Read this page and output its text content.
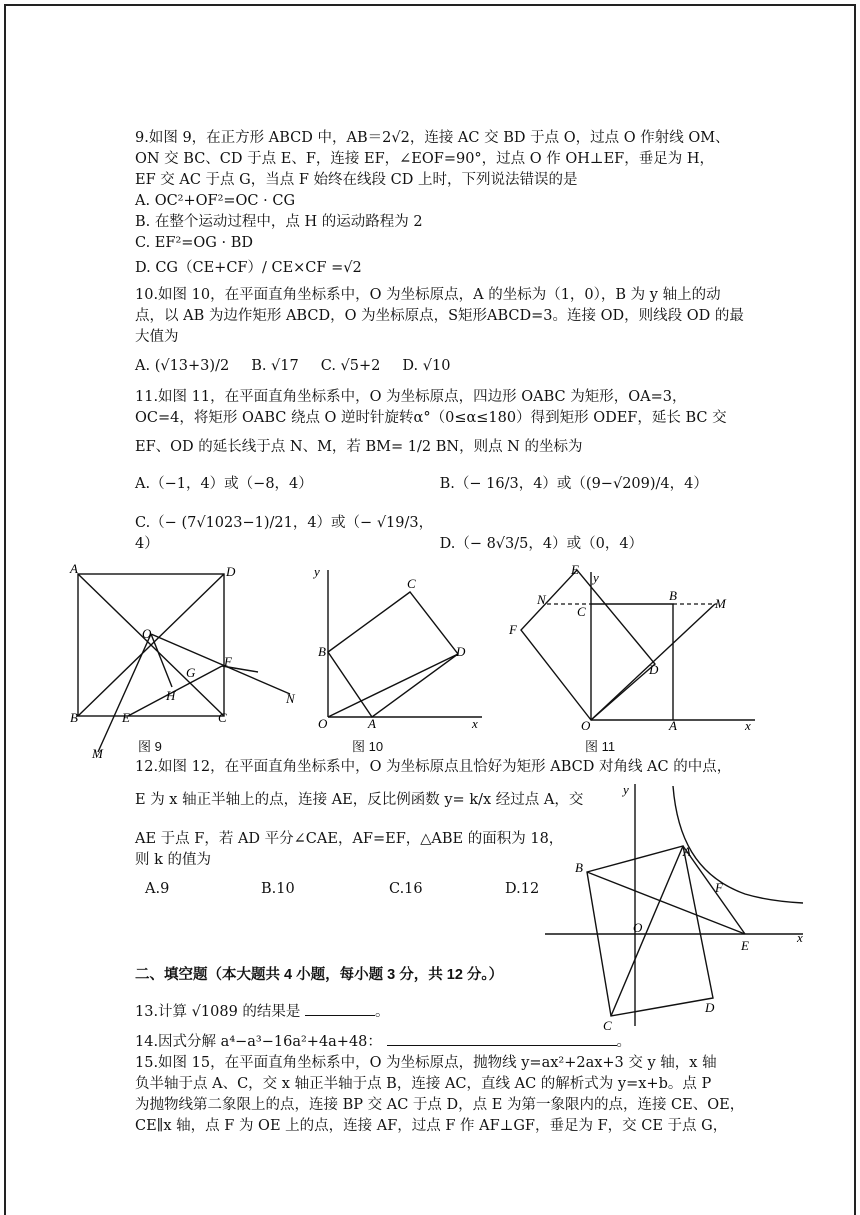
9.如图 9，在正方形 ABCD 中，AB＝2√2，连接 AC 交 BD 于点 O，过点 O 作射线 OM、

ON 交 BC、CD 于点 E、F，连接 EF，∠EOF=90°，过点 O 作 OH⊥EF，垂足为 H，

EF 交 AC 于点 G，当点 F 始终在线段 CD 上时，下列说法错误的是

A. OC²+OF²=OC · CG

B. 在整个运动过程中，点 H 的运动路程为 2

C. EF²=OG · BD

D. CG（CE+CF）/ CE×CF =√2

10.如图 10，在平面直角坐标系中，O 为坐标原点，A 的坐标为（1，0），B 为 y 轴上的动

点，以 AB 为边作矩形 ABCD，O 为坐标原点，S矩形ABCD=3。连接 OD，则线段 OD 的最

大值为

A. (√13+3)/2 B. √17 C. √5+2 D. √10

11.如图 11，在平面直角坐标系中，O 为坐标原点，四边形 OABC 为矩形，OA=3，

OC=4，将矩形 OABC 绕点 O 逆时针旋转α°（0≤α≤180）得到矩形 ODEF，延长 BC 交

EF、OD 的延长线于点 N、M，若 BM= 1/2 BN，则点 N 的坐标为

A.（−1，4）或（−8，4）	B.（− 16/3，4）或（(9−√209)/4，4）
C.（− (7√1023−1)/21，4）或（− √19/3，4）	D.（− 8√3/5，4）或（0，4）
A	D
B	C
O
E
F
G
H	N
M	图 9
y
O	A	x
B
C
D
图 10
E
y
N
C
B
M
F
D
O	A	x
图 11

12.如图 12，在平面直角坐标系中，O 为坐标原点且恰好为矩形 ABCD 对角线 AC 的中点，

E 为 x 轴正半轴上的点，连接 AE，反比例函数 y= k/x 经过点 A，交

AE 于点 F，若 AD 平分∠CAE，AF=EF，△ABE 的面积为 18，

则 k 的值为

A.9	B.10	C.16	D.12
y
x
B
A
F
O
E
C
D

二、填空题（本大题共 4 小题，每小题 3 分，共 12 分。）

13.计算 √1089 的结果是	。

14.因式分解 a⁴−a³−16a²+4a+48：	。

15.如图 15，在平面直角坐标系中，O 为坐标原点，抛物线 y=ax²+2ax+3 交 y 轴，x 轴

负半轴于点 A、C，交 x 轴正半轴于点 B，连接 AC，直线 AC 的解析式为 y=x+b。点 P

为抛物线第二象限上的点，连接 BP 交 AC 于点 D，点 E 为第一象限内的点，连接 CE、OE，

CE∥x 轴，点 F 为 OE 上的点，连接 AF，过点 F 作 AF⊥GF，垂足为 F，交 CE 于点 G，
